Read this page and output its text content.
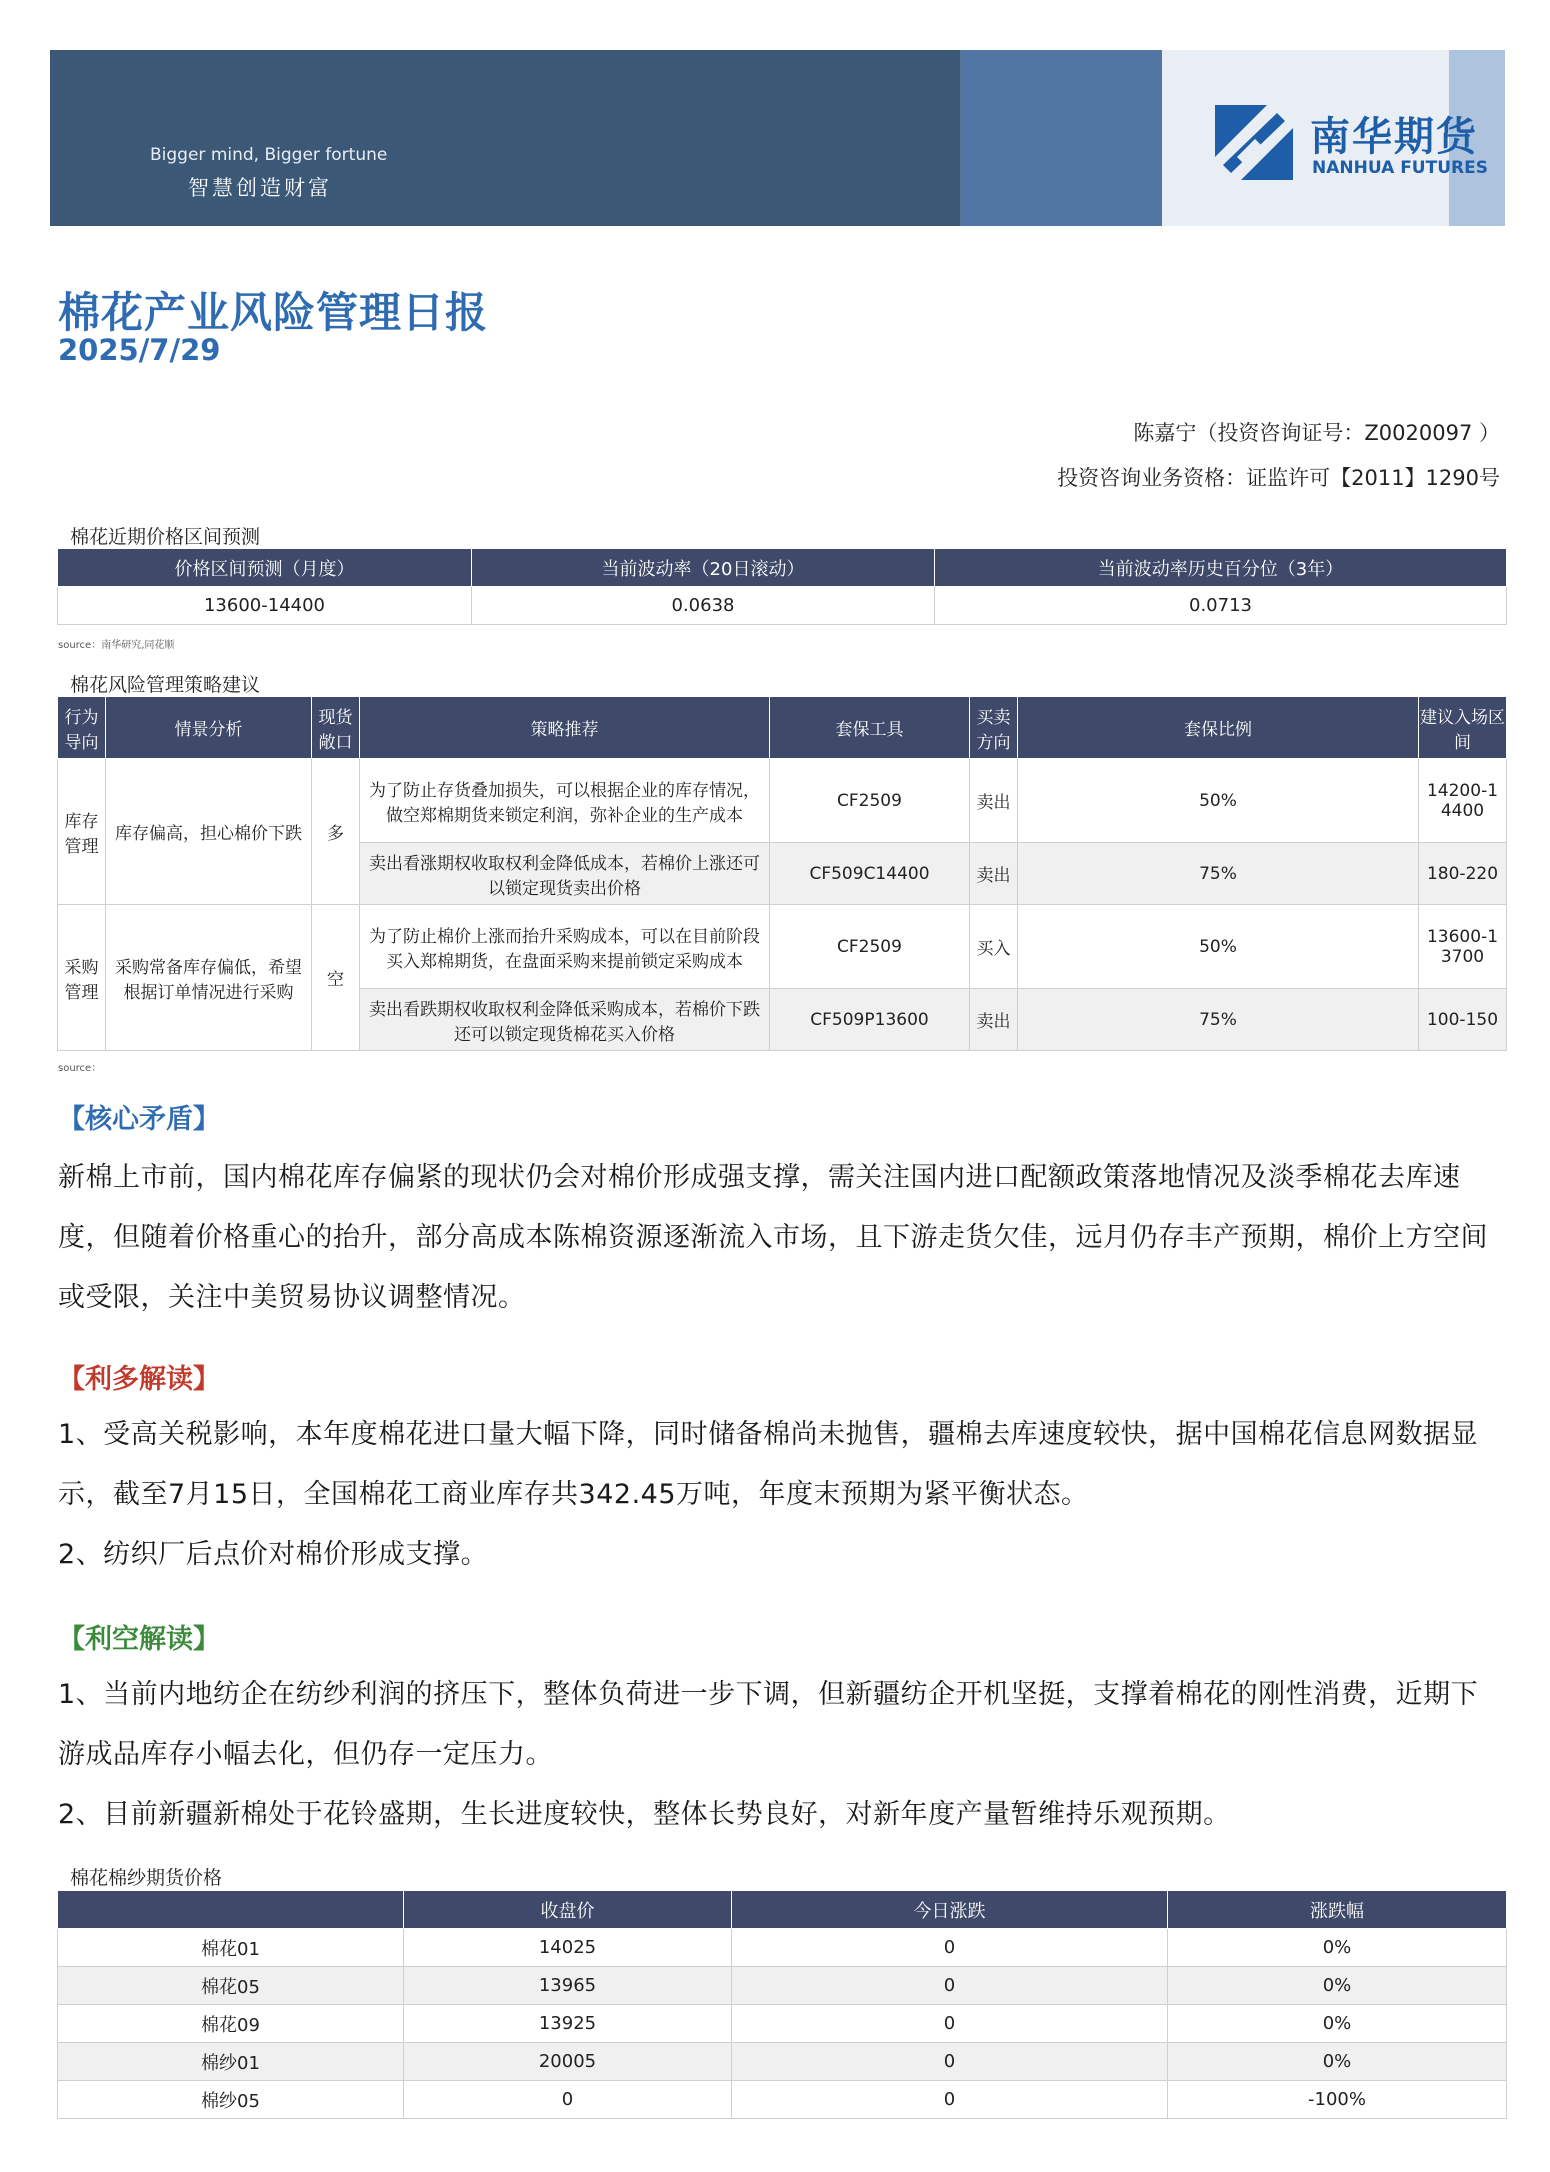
Bigger mind, Bigger fortune
智慧创造财富
南华期货
NANHUA FUTURES
棉花产业风险管理日报
2025/7/29
陈嘉宁（投资咨询证号：Z0020097 ）
投资咨询业务资格：证监许可【2011】1290号
棉花近期价格区间预测
价格区间预测（月度）	当前波动率（20日滚动）	当前波动率历史百分位（3年）
13600-14400	0.0638	0.0713
source：南华研究,同花顺
棉花风险管理策略建议
行为导向	情景分析	现货敞口	策略推荐	套保工具	买卖方向	套保比例	建议入场区间
库存管理	库存偏高，担心棉价下跌	多	为了防止存货叠加损失，可以根据企业的库存情况，做空郑棉期货来锁定利润，弥补企业的生产成本	CF2509	卖出	50%	14200-14400
			卖出看涨期权收取权利金降低成本，若棉价上涨还可以锁定现货卖出价格	CF509C14400	卖出	75%	180-220
采购管理	采购常备库存偏低，希望根据订单情况进行采购	空	为了防止棉价上涨而抬升采购成本，可以在目前阶段买入郑棉期货，在盘面采购来提前锁定采购成本	CF2509	买入	50%	13600-13700
			卖出看跌期权收取权利金降低采购成本，若棉价下跌还可以锁定现货棉花买入价格	CF509P13600	卖出	75%	100-150
source：
【核心矛盾】
新棉上市前，国内棉花库存偏紧的现状仍会对棉价形成强支撑，需关注国内进口配额政策落地情况及淡季棉花去库速度，但随着价格重心的抬升，部分高成本陈棉资源逐渐流入市场，且下游走货欠佳，远月仍存丰产预期，棉价上方空间或受限，关注中美贸易协议调整情况。
【利多解读】
1、受高关税影响，本年度棉花进口量大幅下降，同时储备棉尚未抛售，疆棉去库速度较快，据中国棉花信息网数据显示，截至7月15日，全国棉花工商业库存共342.45万吨，年度末预期为紧平衡状态。
2、纺织厂后点价对棉价形成支撑。
【利空解读】
1、当前内地纺企在纺纱利润的挤压下，整体负荷进一步下调，但新疆纺企开机坚挺，支撑着棉花的刚性消费，近期下游成品库存小幅去化，但仍存一定压力。
2、目前新疆新棉处于花铃盛期，生长进度较快，整体长势良好，对新年度产量暂维持乐观预期。
棉花棉纱期货价格
	收盘价	今日涨跌	涨跌幅
棉花01	14025	0	0%
棉花05	13965	0	0%
棉花09	13925	0	0%
棉纱01	20005	0	0%
棉纱05	0	0	-100%
